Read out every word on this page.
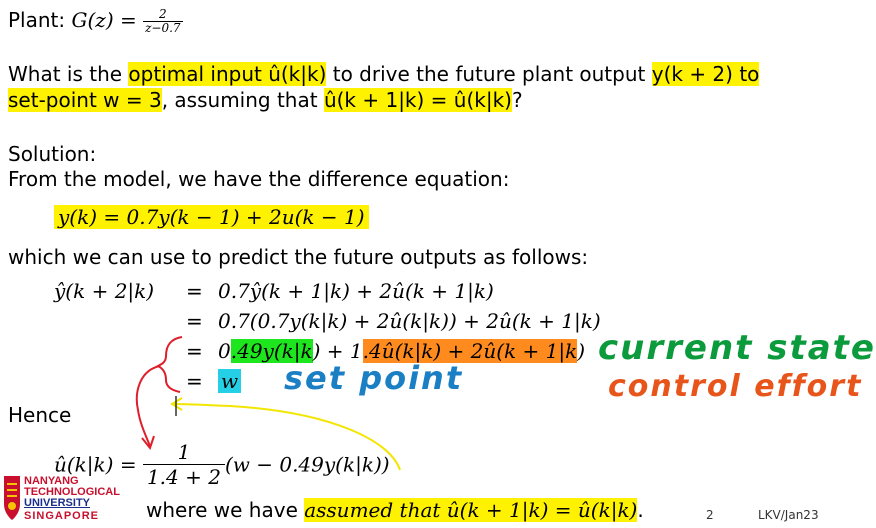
Plant: $G(z) = \frac{2}{z-0.7}$
What is the optimal input û(k|k) to drive the future plant output y(k + 2) to
set-point w = 3, assuming that û(k + 1|k) = û(k|k)?
Solution:
From the model, we have the difference equation:
y(k) = 0.7y(k − 1) + 2u(k − 1)
which we can use to predict the future outputs as follows:
ŷ(k + 2|k) = 0.7ŷ(k + 1|k) + 2û(k + 1|k)
= 0.7(0.7y(k|k) + 2û(k|k)) + 2û(k + 1|k)
= 0.49y(k|k) + 1.4û(k|k) + 2û(k + 1|k)
= w
current state
control effort
set point
Hence
û(k|k) = $\frac{1}{1.4 + 2} (w - 0.49y(k|k))$
where we have assumed that û(k + 1|k) = û(k|k).
NANYANG
TECHNOLOGICAL
UNIVERSITY
SINGAPORE	2	LKV/Jan23
